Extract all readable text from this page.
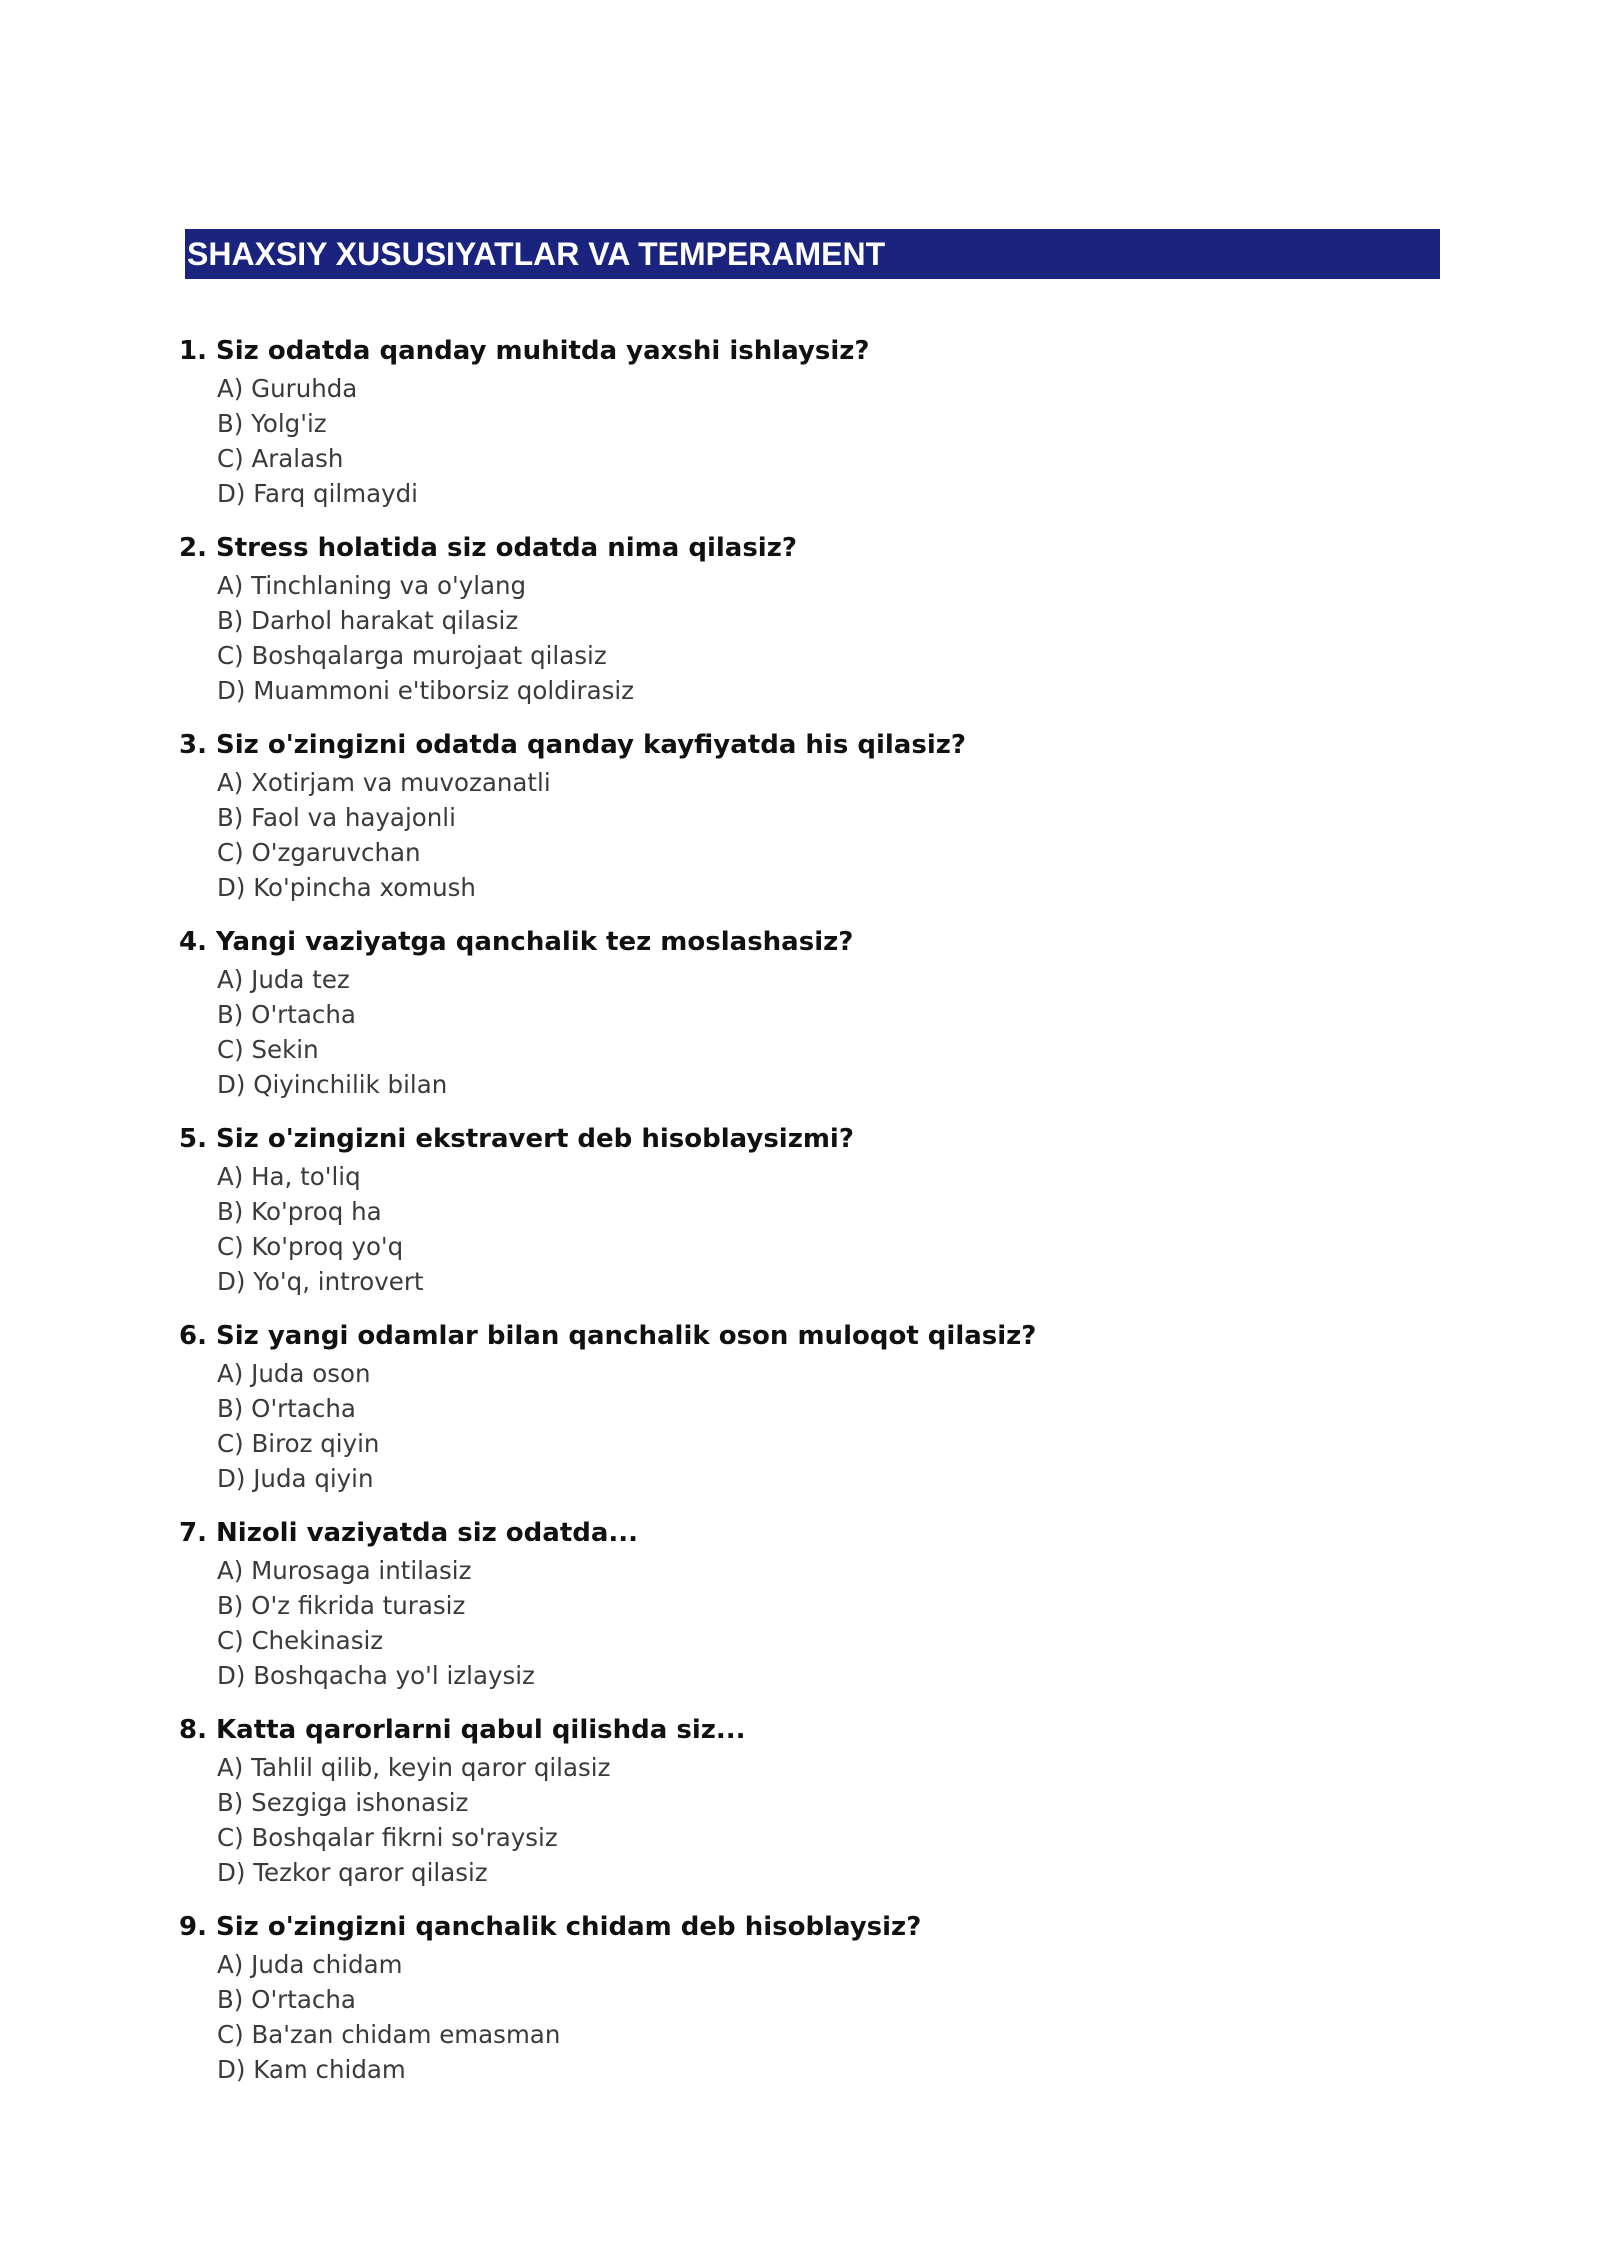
SHAXSIY XUSUSIYATLAR VA TEMPERAMENT
1. Siz odatda qanday muhitda yaxshi ishlaysiz?
A) Guruhda
B) Yolg'iz
C) Aralash
D) Farq qilmaydi
2. Stress holatida siz odatda nima qilasiz?
A) Tinchlaning va o'ylang
B) Darhol harakat qilasiz
C) Boshqalarga murojaat qilasiz
D) Muammoni e'tiborsiz qoldirasiz
3. Siz o'zingizni odatda qanday kayfiyatda his qilasiz?
A) Xotirjam va muvozanatli
B) Faol va hayajonli
C) O'zgaruvchan
D) Ko'pincha xomush
4. Yangi vaziyatga qanchalik tez moslashasiz?
A) Juda tez
B) O'rtacha
C) Sekin
D) Qiyinchilik bilan
5. Siz o'zingizni ekstravert deb hisoblaysizmi?
A) Ha, to'liq
B) Ko'proq ha
C) Ko'proq yo'q
D) Yo'q, introvert
6. Siz yangi odamlar bilan qanchalik oson muloqot qilasiz?
A) Juda oson
B) O'rtacha
C) Biroz qiyin
D) Juda qiyin
7. Nizoli vaziyatda siz odatda...
A) Murosaga intilasiz
B) O'z fikrida turasiz
C) Chekinasiz
D) Boshqacha yo'l izlaysiz
8. Katta qarorlarni qabul qilishda siz...
A) Tahlil qilib, keyin qaror qilasiz
B) Sezgiga ishonasiz
C) Boshqalar fikrni so'raysiz
D) Tezkor qaror qilasiz
9. Siz o'zingizni qanchalik chidam deb hisoblaysiz?
A) Juda chidam
B) O'rtacha
C) Ba'zan chidam emasman
D) Kam chidam
